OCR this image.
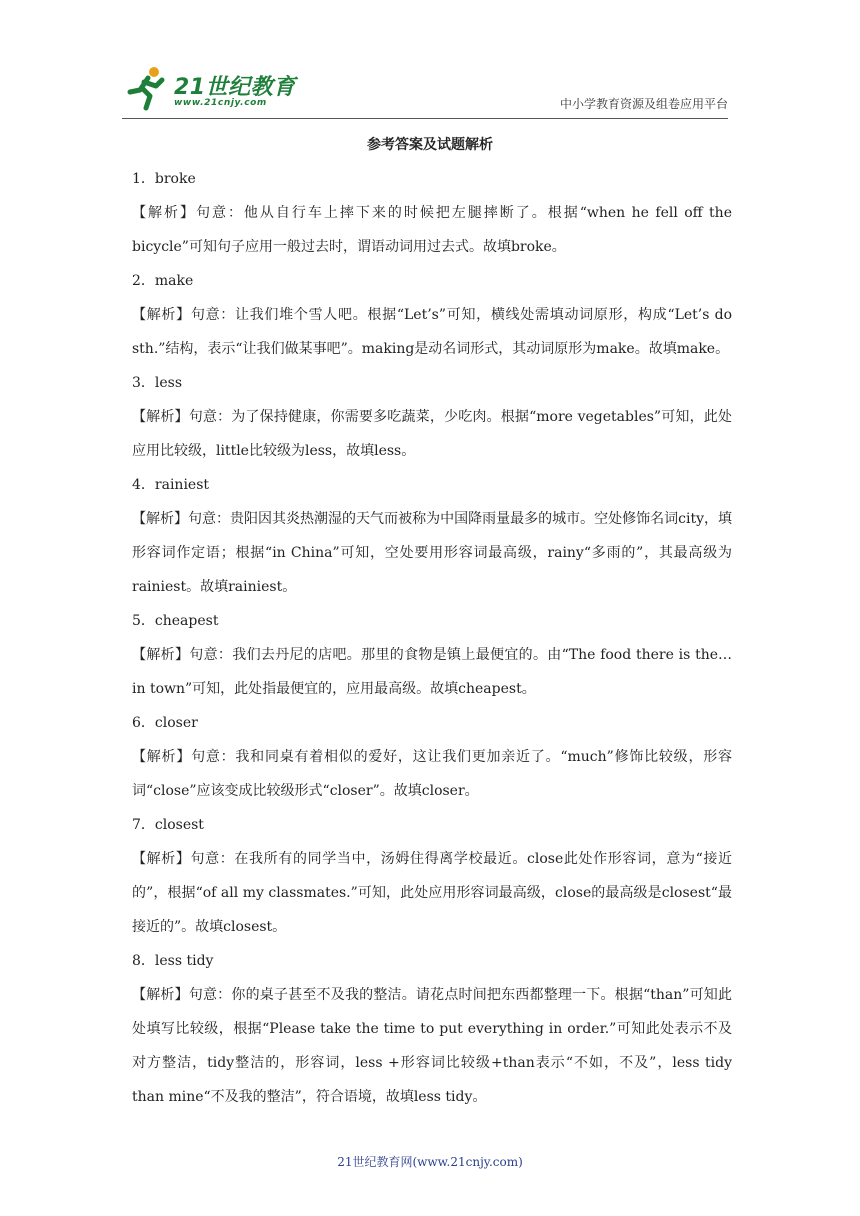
21世纪教育
www.21cnjy.com	中小学教育资源及组卷应用平台
参考答案及试题解析

1．broke

【解析】句意：他从自行车上摔下来的时候把左腿摔断了。根据“when he fell off the bicycle”可知句子应用一般过去时，谓语动词用过去式。故填broke。

2．make

【解析】句意：让我们堆个雪人吧。根据“Let’s”可知，横线处需填动词原形，构成“Let’s do sth.”结构，表示“让我们做某事吧”。making是动名词形式，其动词原形为make。故填make。

3．less

【解析】句意：为了保持健康，你需要多吃蔬菜，少吃肉。根据“more vegetables”可知，此处应用比较级，little比较级为less，故填less。

4．rainiest

【解析】句意：贵阳因其炎热潮湿的天气而被称为中国降雨量最多的城市。空处修饰名词city，填形容词作定语；根据“in China”可知，空处要用形容词最高级，rainy“多雨的”，其最高级为rainiest。故填rainiest。

5．cheapest

【解析】句意：我们去丹尼的店吧。那里的食物是镇上最便宜的。由“The food there is the…in town”可知，此处指最便宜的，应用最高级。故填cheapest。

6．closer

【解析】句意：我和同桌有着相似的爱好，这让我们更加亲近了。“much”修饰比较级，形容词“close”应该变成比较级形式“closer”。故填closer。

7．closest

【解析】句意：在我所有的同学当中，汤姆住得离学校最近。close此处作形容词，意为“接近的”，根据“of all my classmates.”可知，此处应用形容词最高级，close的最高级是closest“最接近的”。故填closest。

8．less tidy

【解析】句意：你的桌子甚至不及我的整洁。请花点时间把东西都整理一下。根据“than”可知此处填写比较级，根据“Please take the time to put everything in order.”可知此处表示不及对方整洁，tidy整洁的，形容词，less +形容词比较级+than表示“不如，不及”，less tidy than mine“不及我的整洁”，符合语境，故填less tidy。

21世纪教育网(www.21cnjy.com)
